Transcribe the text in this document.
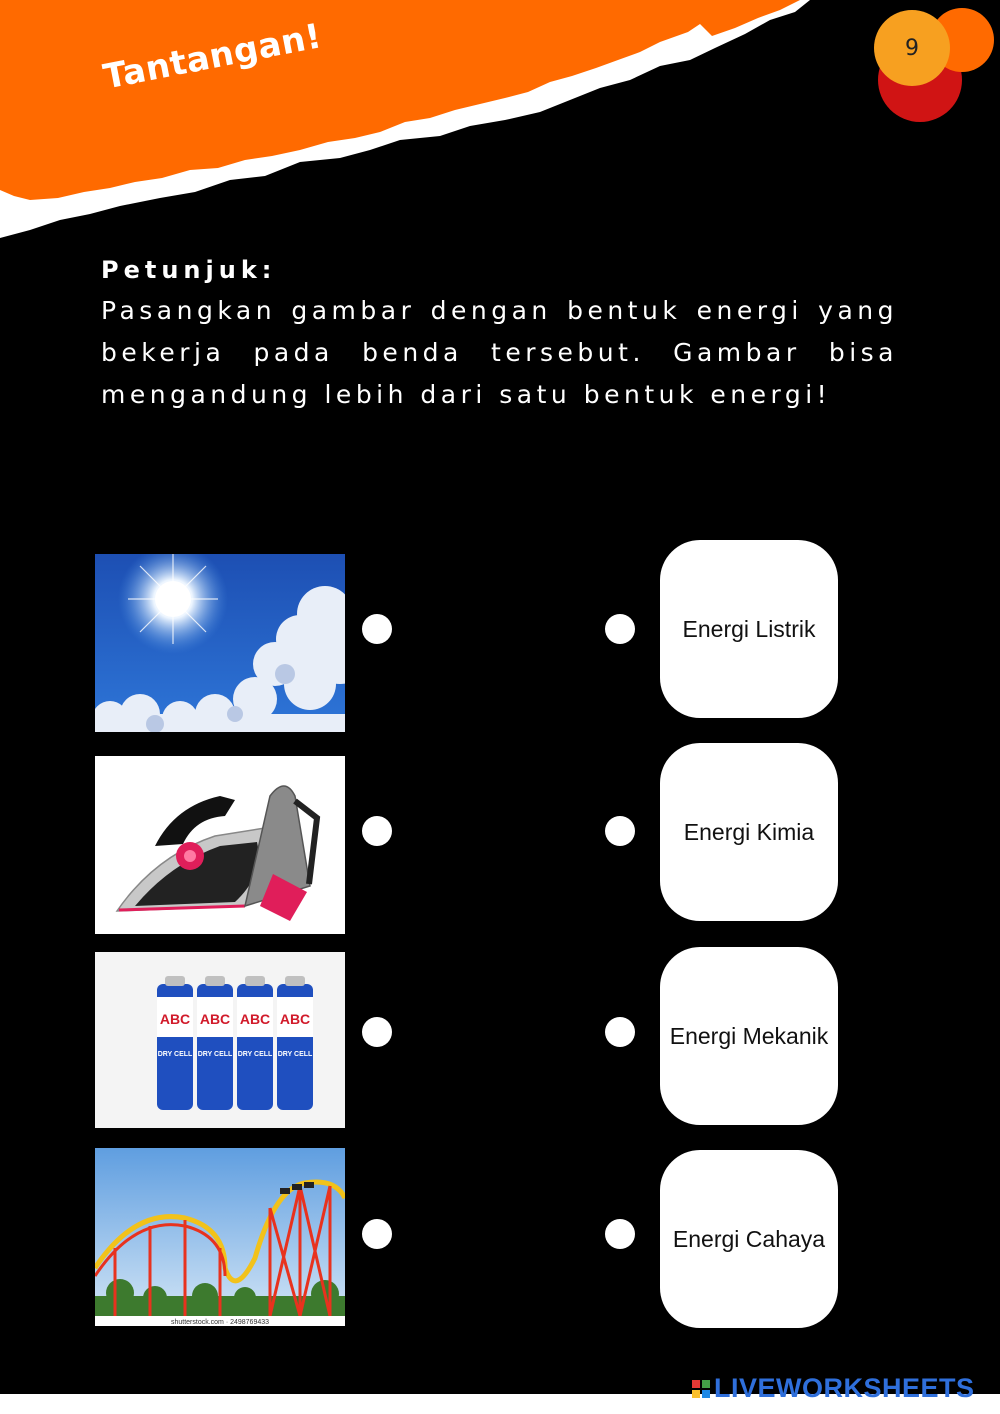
Tantangan!	9
Petunjuk:

Pasangkan gambar dengan bentuk energi yang bekerja pada benda tersebut. Gambar bisa mengandung lebih dari satu bentuk energi!

ABC ABC ABC ABC
DRY CELL DRY CELL DRY CELL DRY CELL
shutterstock.com · 2498769433
Energi Listrik
Energi Kimia
Energi Mekanik
Energi Cahaya
LIVEWORKSHEETS
